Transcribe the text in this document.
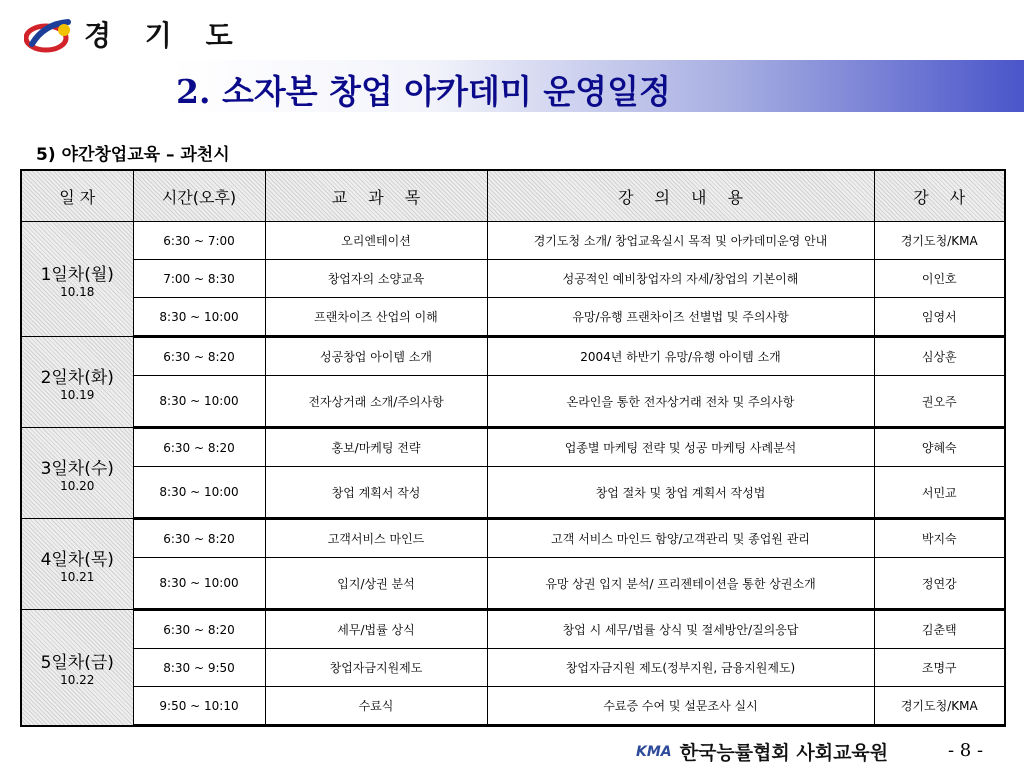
경 기 도
2. 소자본 창업 아카데미 운영일정
5) 야간창업교육 – 과천시
일 자	시간(오후)	교　 과　 목	강　 의　 내　 용	강　 사

1일차(월)
10.18	6:30 ~ 7:00	오리엔테이션	경기도청 소개/ 창업교육실시 목적 및 아카데미운영 안내	경기도청/KMA
	7:00 ~ 8:30	창업자의 소양교육	성공적인 예비창업자의 자세/창업의 기본이해	이인호
	8:30 ~ 10:00	프랜차이즈 산업의 이해	유망/유행 프랜차이즈 선별법 및 주의사항	임영서

2일차(화)
10.19	6:30 ~ 8:20	성공창업 아이템 소개	2004년 하반기 유망/유행 아이템 소개	심상훈
	8:30 ~ 10:00	전자상거래 소개/주의사항	온라인을 통한 전자상거래 전차 및 주의사항	권오주

3일차(수)
10.20	6:30 ~ 8:20	홍보/마케팅 전략	업종별 마케팅 전략 및 성공 마케팅 사례분석	양혜숙
	8:30 ~ 10:00	창업 계획서 작성	창업 절차 및 창업 계획서 작성법	서민교

4일차(목)
10.21	6:30 ~ 8:20	고객서비스 마인드	고객 서비스 마인드 함양/고객관리 및 종업원 관리	박지숙
	8:30 ~ 10:00	입지/상권 분석	유망 상권 입지 분석/ 프리젠테이션을 통한 상권소개	정연강

5일차(금)
10.22	6:30 ~ 8:20	세무/법률 상식	창업 시 세무/법률 상식 및 절세방안/질의응답	김춘택
	8:30 ~ 9:50	창업자금지원제도	창업자금지원 제도(정부지원, 금융지원제도)	조명구
	9:50 ~ 10:10	수료식	수료증 수여 및 설문조사 실시	경기도청/KMA
KMA 한국능률협회 사회교육원	- 8 -
